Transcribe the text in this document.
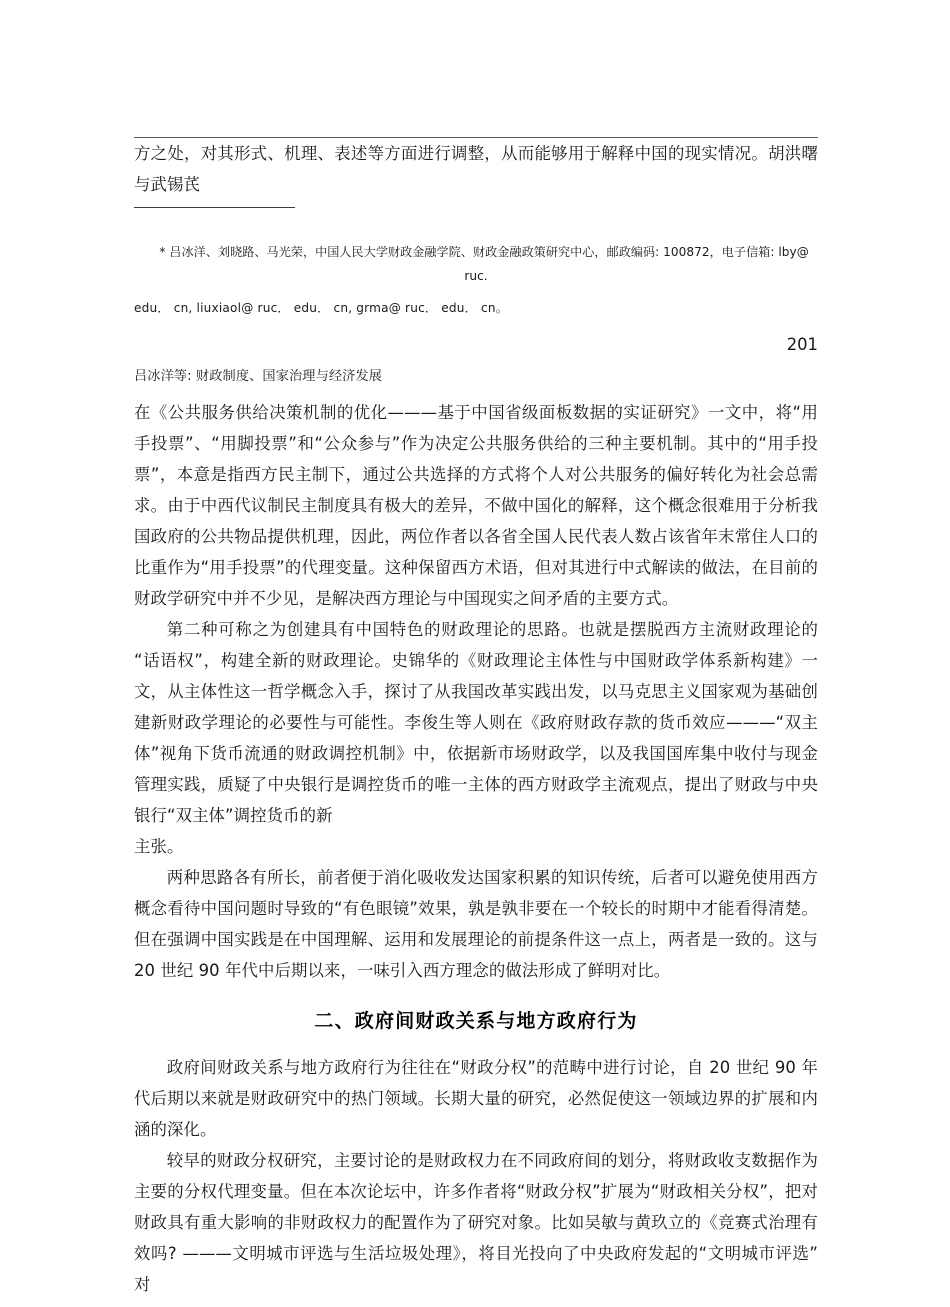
方之处，对其形式、机理、表述等方面进行调整，从而能够用于解释中国的现实情况。胡洪曙与武锡芪

* 吕冰洋、刘晓路、马光荣，中国人民大学财政金融学院、财政金融政策研究中心，邮政编码: 100872，电子信箱: lby@
ruc.
edu． cn, liuxiaol@ ruc． edu． cn, grma@ ruc． edu． cn。
201
吕冰洋等: 财政制度、国家治理与经济发展

在《公共服务供给决策机制的优化———基于中国省级面板数据的实证研究》一文中，将“用手投票”、“用脚投票”和“公众参与”作为决定公共服务供给的三种主要机制。其中的“用手投票”，本意是指西方民主制下，通过公共选择的方式将个人对公共服务的偏好转化为社会总需求。由于中西代议制民主制度具有极大的差异，不做中国化的解释，这个概念很难用于分析我国政府的公共物品提供机理，因此，两位作者以各省全国人民代表人数占该省年末常住人口的比重作为“用手投票”的代理变量。这种保留西方术语，但对其进行中式解读的做法，在目前的财政学研究中并不少见，是解决西方理论与中国现实之间矛盾的主要方式。

第二种可称之为创建具有中国特色的财政理论的思路。也就是摆脱西方主流财政理论的“话语权”，构建全新的财政理论。史锦华的《财政理论主体性与中国财政学体系新构建》一文，从主体性这一哲学概念入手，探讨了从我国改革实践出发，以马克思主义国家观为基础创建新财政学理论的必要性与可能性。李俊生等人则在《政府财政存款的货币效应———“双主体”视角下货币流通的财政调控机制》中，依据新市场财政学，以及我国国库集中收付与现金管理实践，质疑了中央银行是调控货币的唯一主体的西方财政学主流观点，提出了财政与中央银行“双主体”调控货币的新

主张。

两种思路各有所长，前者便于消化吸收发达国家积累的知识传统，后者可以避免使用西方概念看待中国问题时导致的“有色眼镜”效果，孰是孰非要在一个较长的时期中才能看得清楚。但在强调中国实践是在中国理解、运用和发展理论的前提条件这一点上，两者是一致的。这与 20 世纪 90 年代中后期以来，一味引入西方理念的做法形成了鲜明对比。

二、政府间财政关系与地方政府行为

政府间财政关系与地方政府行为往往在“财政分权”的范畴中进行讨论，自 20 世纪 90 年代后期以来就是财政研究中的热门领域。长期大量的研究，必然促使这一领域边界的扩展和内涵的深化。

较早的财政分权研究，主要讨论的是财政权力在不同政府间的划分，将财政收支数据作为主要的分权代理变量。但在本次论坛中，许多作者将“财政分权”扩展为“财政相关分权”，把对财政具有重大影响的非财政权力的配置作为了研究对象。比如吴敏与黄玖立的《竞赛式治理有效吗? ———文明城市评选与生活垃圾处理》，将目光投向了中央政府发起的“文明城市评选” 对
